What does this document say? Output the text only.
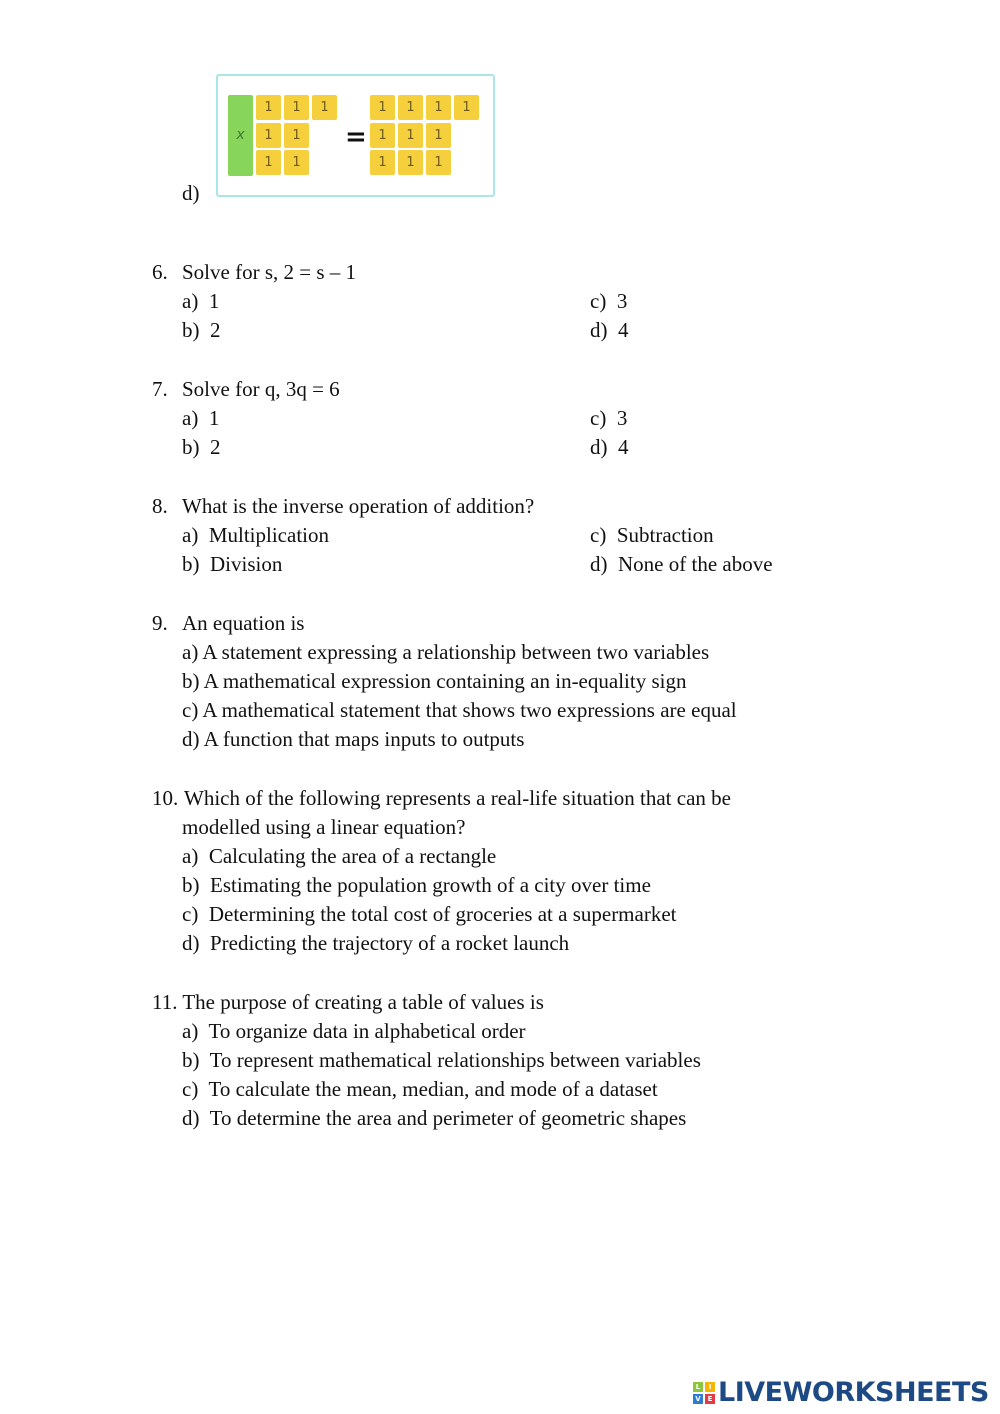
x
1	1	1
1	1
1	1
1	1	1	1
1	1	1
1	1	1
=
d)
6. Solve for s, 2 = s – 1
a) 1
b) 2
c) 3
d) 4
7. Solve for q, 3q = 6
a) 1
b) 2
c) 3
d) 4
8. What is the inverse operation of addition?
a) Multiplication
b) Division
c) Subtraction
d) None of the above
9. An equation is
a) A statement expressing a relationship between two variables
b) A mathematical expression containing an in-equality sign
c) A mathematical statement that shows two expressions are equal
d) A function that maps inputs to outputs
10. Which of the following represents a real-life situation that can be
modelled using a linear equation?
a) Calculating the area of a rectangle
b) Estimating the population growth of a city over time
c) Determining the total cost of groceries at a supermarket
d) Predicting the trajectory of a rocket launch
11. The purpose of creating a table of values is
a) To organize data in alphabetical order
b) To represent mathematical relationships between variables
c) To calculate the mean, median, and mode of a dataset
d) To determine the area and perimeter of geometric shapes
L	I
V E LIVEWORKSHEETS
